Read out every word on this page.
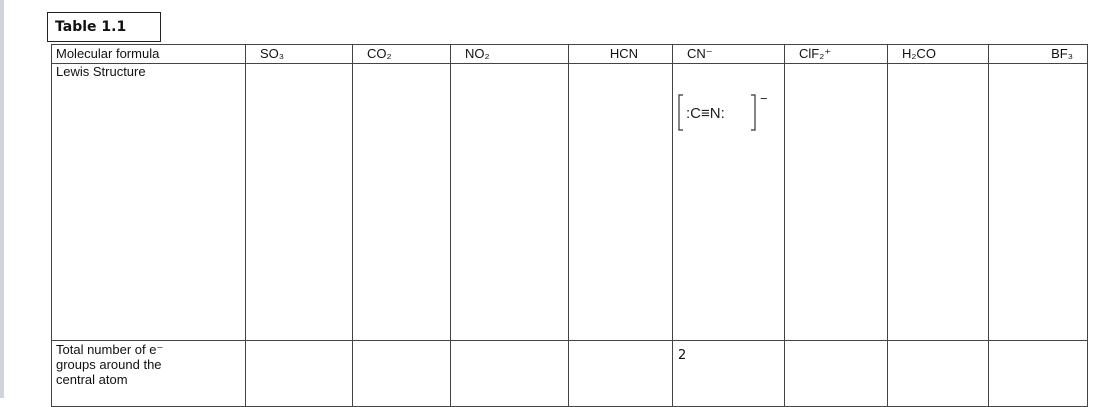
Table 1.1
Molecular formula	SO₃	CO₂	NO₂	HCN	CN⁻	ClF₂⁺	H₂CO	BF₃

Lewis Structure					:C≡N:
−			

Total number of e⁻
groups around the
central atom					2			
